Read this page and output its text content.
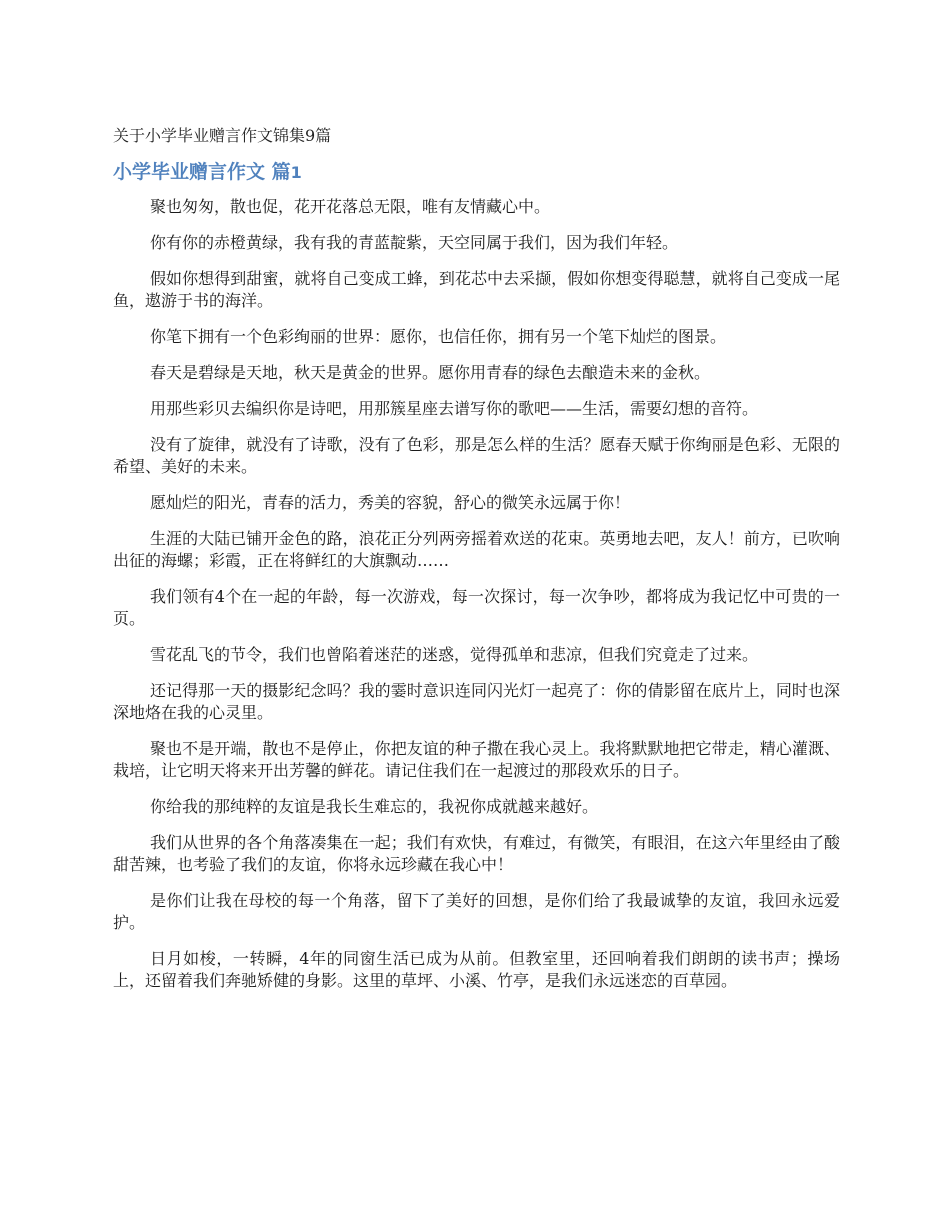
关于小学毕业赠言作文锦集9篇
小学毕业赠言作文 篇1

聚也匆匆，散也促，花开花落总无限，唯有友情藏心中。

你有你的赤橙黄绿，我有我的青蓝靛紫，天空同属于我们，因为我们年轻。

假如你想得到甜蜜，就将自己变成工蜂，到花芯中去采撷，假如你想变得聪慧，就将自己变成一尾鱼，遨游于书的海洋。

你笔下拥有一个色彩绚丽的世界：愿你，也信任你，拥有另一个笔下灿烂的图景。

春天是碧绿是天地，秋天是黄金的世界。愿你用青春的绿色去酿造未来的金秋。

用那些彩贝去编织你是诗吧，用那簇星座去谱写你的歌吧——生活，需要幻想的音符。

没有了旋律，就没有了诗歌，没有了色彩，那是怎么样的生活？愿春天赋于你绚丽是色彩、无限的希望、美好的未来。

愿灿烂的阳光，青春的活力，秀美的容貌，舒心的微笑永远属于你！

生涯的大陆已铺开金色的路，浪花正分列两旁摇着欢送的花束。英勇地去吧，友人！前方，已吹响出征的海螺；彩霞，正在将鲜红的大旗飘动……

我们领有4个在一起的年龄，每一次游戏，每一次探讨，每一次争吵，都将成为我记忆中可贵的一页。

雪花乱飞的节令，我们也曾陷着迷茫的迷惑，觉得孤单和悲凉，但我们究竟走了过来。

还记得那一天的摄影纪念吗？我的霎时意识连同闪光灯一起亮了：你的倩影留在底片上，同时也深深地烙在我的心灵里。

聚也不是开端，散也不是停止，你把友谊的种子撒在我心灵上。我将默默地把它带走，精心灌溉、栽培，让它明天将来开出芳馨的鲜花。请记住我们在一起渡过的那段欢乐的日子。

你给我的那纯粹的友谊是我长生难忘的，我祝你成就越来越好。

我们从世界的各个角落凑集在一起；我们有欢快，有难过，有微笑，有眼泪，在这六年里经由了酸甜苦辣，也考验了我们的友谊，你将永远珍藏在我心中！

是你们让我在母校的每一个角落，留下了美好的回想，是你们给了我最诚挚的友谊，我回永远爱护。

日月如梭，一转瞬，4年的同窗生活已成为从前。但教室里，还回响着我们朗朗的读书声；操场上，还留着我们奔驰矫健的身影。这里的草坪、小溪、竹亭，是我们永远迷恋的百草园。
